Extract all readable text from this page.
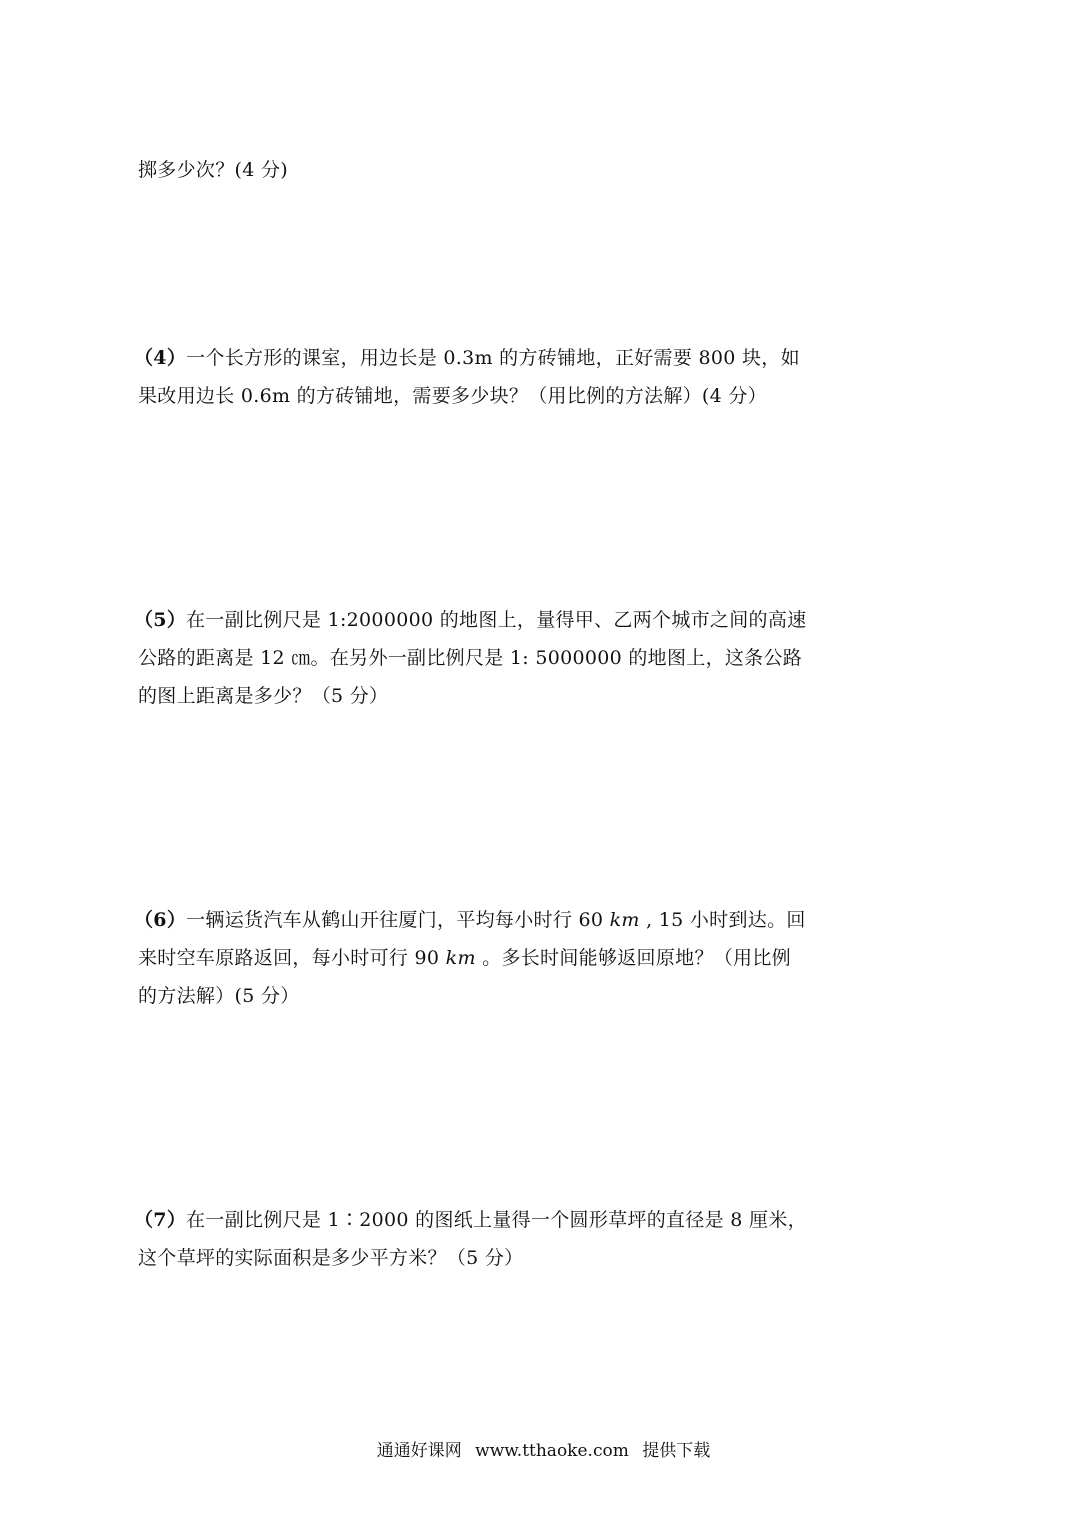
掷多少次？(4 分)
（4）一个长方形的课室，用边长是 0.3m 的方砖铺地，正好需要 800 块，如
果改用边长 0.6m 的方砖铺地，需要多少块？（用比例的方法解）(4 分）
（5）在一副比例尺是 1:2000000 的地图上，量得甲、乙两个城市之间的高速
公路的距离是 12 ㎝。在另外一副比例尺是 1: 5000000 的地图上，这条公路
的图上距离是多少？（5 分）
（6）一辆运货汽车从鹤山开往厦门，平均每小时行 60 km , 15 小时到达。回
来时空车原路返回，每小时可行 90 km 。多长时间能够返回原地？（用比例
的方法解）(5 分）
（7）在一副比例尺是 1∶2000 的图纸上量得一个圆形草坪的直径是 8 厘米，
这个草坪的实际面积是多少平方米？（5 分）
通通好课网 www.tthaoke.com 提供下载
